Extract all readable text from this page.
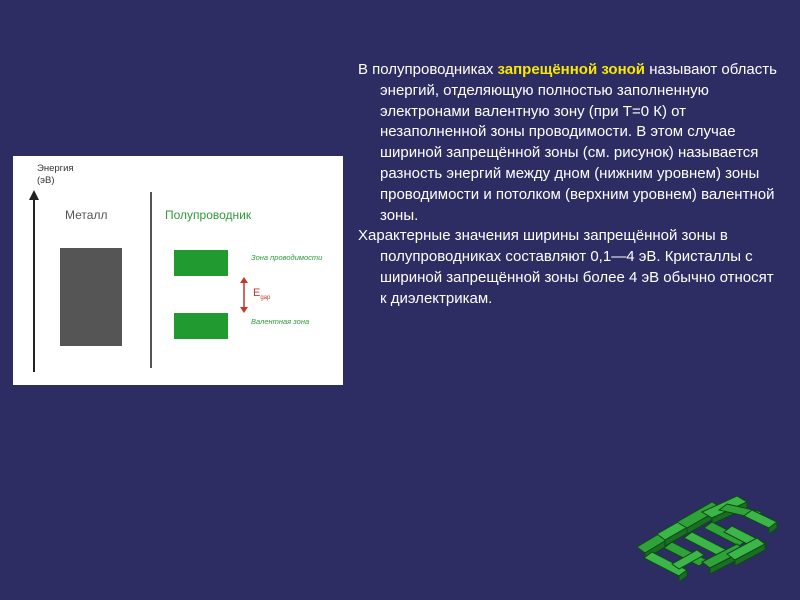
Энергия
(эВ)
Металл	Полупроводник
Зона проводимости
Валентная зона
$E_{gap}$

В полупроводниках запрещённой зоной называют область энергий, отделяющую полностью заполненную электронами валентную зону (при T=0 К) от незаполненной зоны проводимости. В этом случае шириной запрещённой зоны (см. рисунок) называется разность энергий между дном (нижним уровнем) зоны проводимости и потолком (верхним уровнем) валентной зоны.

Характерные значения ширины запрещённой зоны в полупроводниках составляют 0,1—4 эВ. Кристаллы с шириной запрещённой зоны более 4 эВ обычно относят к диэлектрикам.
